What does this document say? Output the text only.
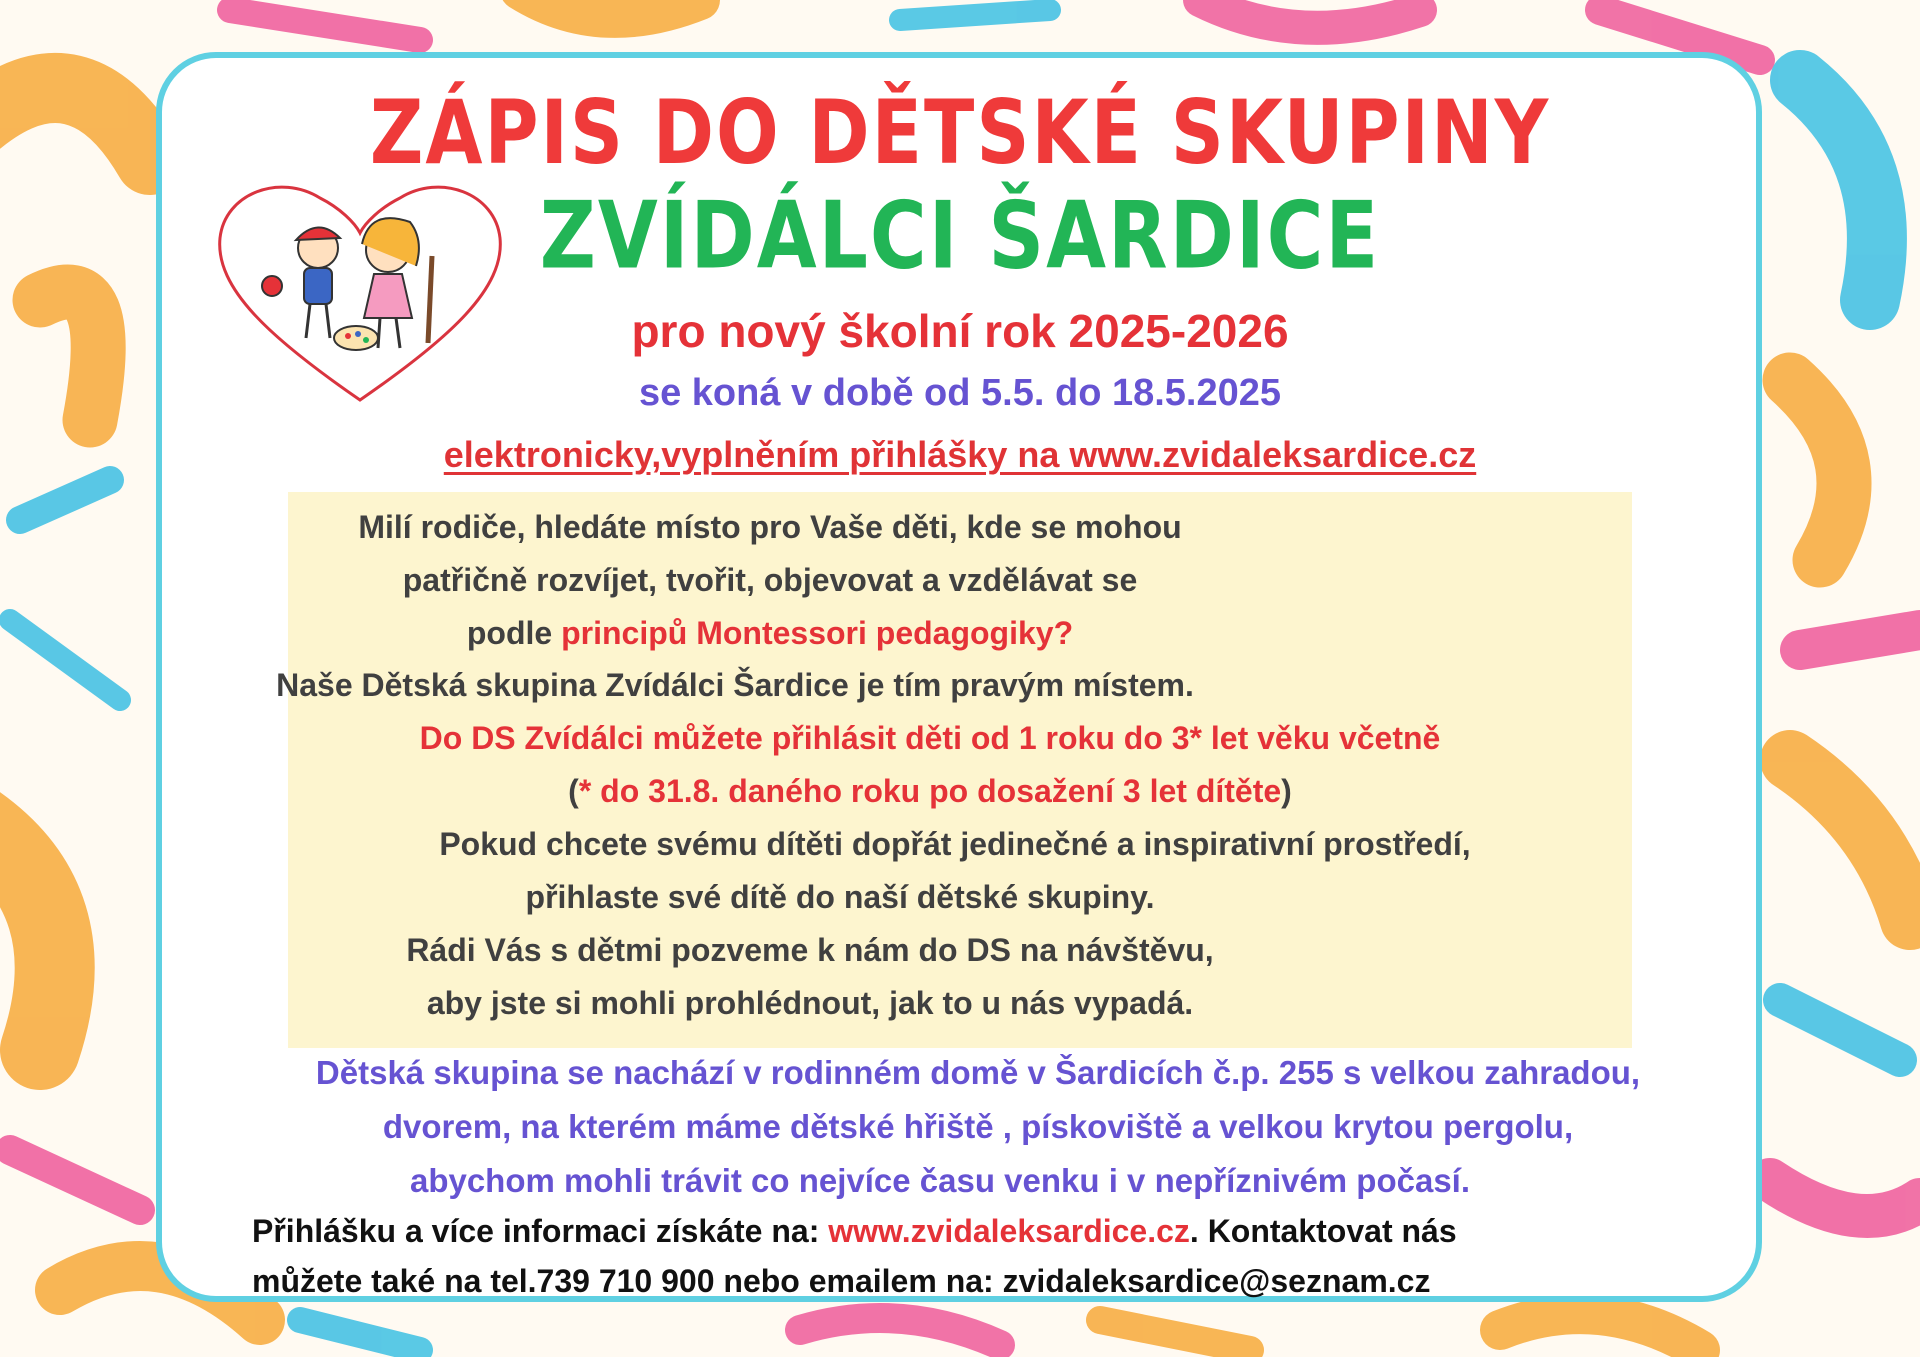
ZÁPIS DO DĚTSKÉ SKUPINY
ZVÍDÁLCI ŠARDICE
pro nový školní rok 2025-2026
se koná v době od 5.5. do 18.5.2025
elektronicky,vyplněním přihlášky na www.zvidaleksardice.cz
Milí rodiče, hledáte místo pro Vaše děti, kde se mohou
patřičně rozvíjet, tvořit, objevovat a vzdělávat se
podle principů Montessori pedagogiky?
Naše Dětská skupina Zvídálci Šardice je tím pravým místem.
Do DS Zvídálci můžete přihlásit děti od 1 roku do 3* let věku včetně
(* do 31.8. daného roku po dosažení 3 let dítěte)
Pokud chcete svému dítěti dopřát jedinečné a inspirativní prostředí,
přihlaste své dítě do naší dětské skupiny.
Rádi Vás s dětmi pozveme k nám do DS na návštěvu,
aby jste si mohli prohlédnout, jak to u nás vypadá.
Dětská skupina se nachází v rodinném domě v Šardicích č.p. 255 s velkou zahradou,
dvorem, na kterém máme dětské hřiště , pískoviště a velkou krytou pergolu,
abychom mohli trávit co nejvíce času venku i v nepříznivém počasí.
Přihlášku a více informaci získáte na: www.zvidaleksardice.cz. Kontaktovat nás
můžete také na tel.739 710 900 nebo emailem na: zvidaleksardice@seznam.cz
